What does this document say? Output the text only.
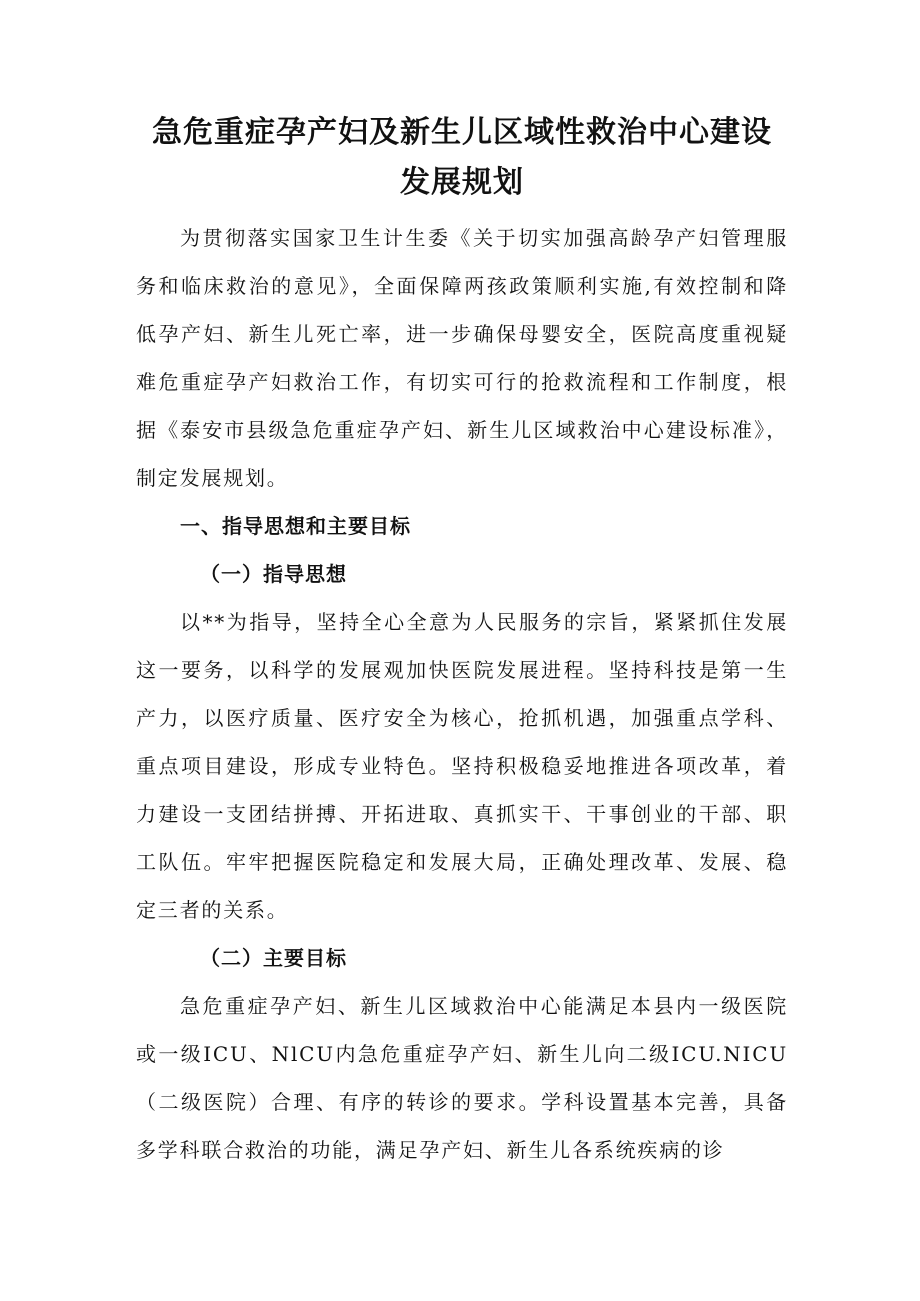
急危重症孕产妇及新生儿区域性救治中心建设
发展规划

为贯彻落实国家卫生计生委《关于切实加强高龄孕产妇管理服务和临床救治的意见》，全面保障两孩政策顺利实施,有效控制和降低孕产妇、新生儿死亡率，进一步确保母婴安全，医院高度重视疑难危重症孕产妇救治工作，有切实可行的抢救流程和工作制度，根据《泰安市县级急危重症孕产妇、新生儿区域救治中心建设标准》，制定发展规划。

一、指导思想和主要目标

（一）指导思想

以**为指导，坚持全心全意为人民服务的宗旨，紧紧抓住发展这一要务，以科学的发展观加快医院发展进程。坚持科技是第一生产力，以医疗质量、医疗安全为核心，抢抓机遇，加强重点学科、重点项目建设，形成专业特色。坚持积极稳妥地推进各项改革，着力建设一支团结拼搏、开拓进取、真抓实干、干事创业的干部、职工队伍。牢牢把握医院稳定和发展大局，正确处理改革、发展、稳定三者的关系。

（二）主要目标

急危重症孕产妇、新生儿区域救治中心能满足本县内一级医院或一级ICU、NlCU内急危重症孕产妇、新生儿向二级ICU.NICU（二级医院）合理、有序的转诊的要求。学科设置基本完善，具备多学科联合救治的功能，满足孕产妇、新生儿各系统疾病的诊
